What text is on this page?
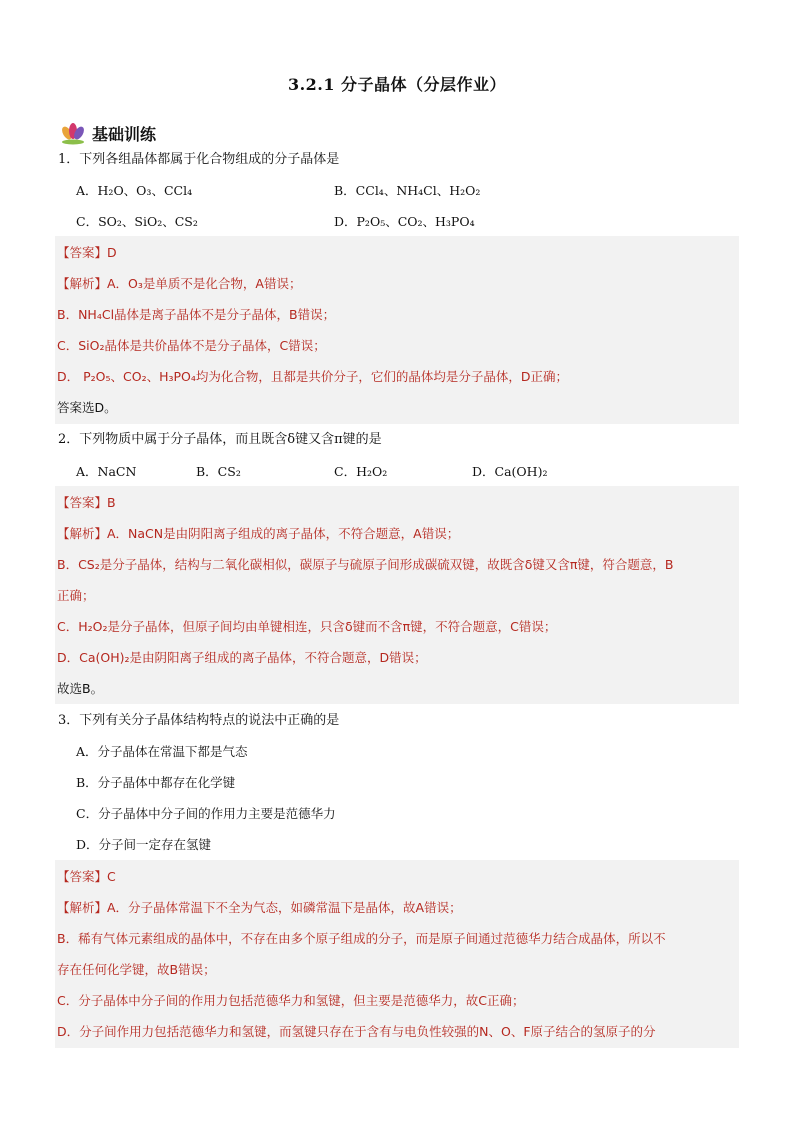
3.2.1 分子晶体（分层作业）
基础训练
1．下列各组晶体都属于化合物组成的分子晶体是
A．H₂O、O₃、CCl₄	B．CCl₄、NH₄Cl、H₂O₂
C．SO₂、SiO₂、CS₂	D．P₂O₅、CO₂、H₃PO₄
【答案】D
【解析】A．O₃是单质不是化合物，A错误；
B．NH₄Cl晶体是离子晶体不是分子晶体，B错误；
C．SiO₂晶体是共价晶体不是分子晶体，C错误；
D． P₂O₅、CO₂、H₃PO₄均为化合物，且都是共价分子，它们的晶体均是分子晶体，D正确；
答案选D。
2．下列物质中属于分子晶体，而且既含δ键又含π键的是
A．NaCN	B．CS₂	C．H₂O₂	D．Ca(OH)₂
【答案】B
【解析】A．NaCN是由阴阳离子组成的离子晶体，不符合题意，A错误；
B．CS₂是分子晶体，结构与二氧化碳相似，碳原子与硫原子间形成碳硫双键，故既含δ键又含π键，符合题意，B
正确；
C．H₂O₂是分子晶体，但原子间均由单键相连，只含δ键而不含π键，不符合题意，C错误；
D．Ca(OH)₂是由阴阳离子组成的离子晶体，不符合题意，D错误；
故选B。
3．下列有关分子晶体结构特点的说法中正确的是
A．分子晶体在常温下都是气态
B．分子晶体中都存在化学键
C．分子晶体中分子间的作用力主要是范德华力
D．分子间一定存在氢键
【答案】C
【解析】A．分子晶体常温下不全为气态，如磷常温下是晶体，故A错误；
B．稀有气体元素组成的晶体中，不存在由多个原子组成的分子，而是原子间通过范德华力结合成晶体，所以不
存在任何化学键，故B错误；
C．分子晶体中分子间的作用力包括范德华力和氢键，但主要是范德华力，故C正确；
D．分子间作用力包括范德华力和氢键，而氢键只存在于含有与电负性较强的N、O、F原子结合的氢原子的分
